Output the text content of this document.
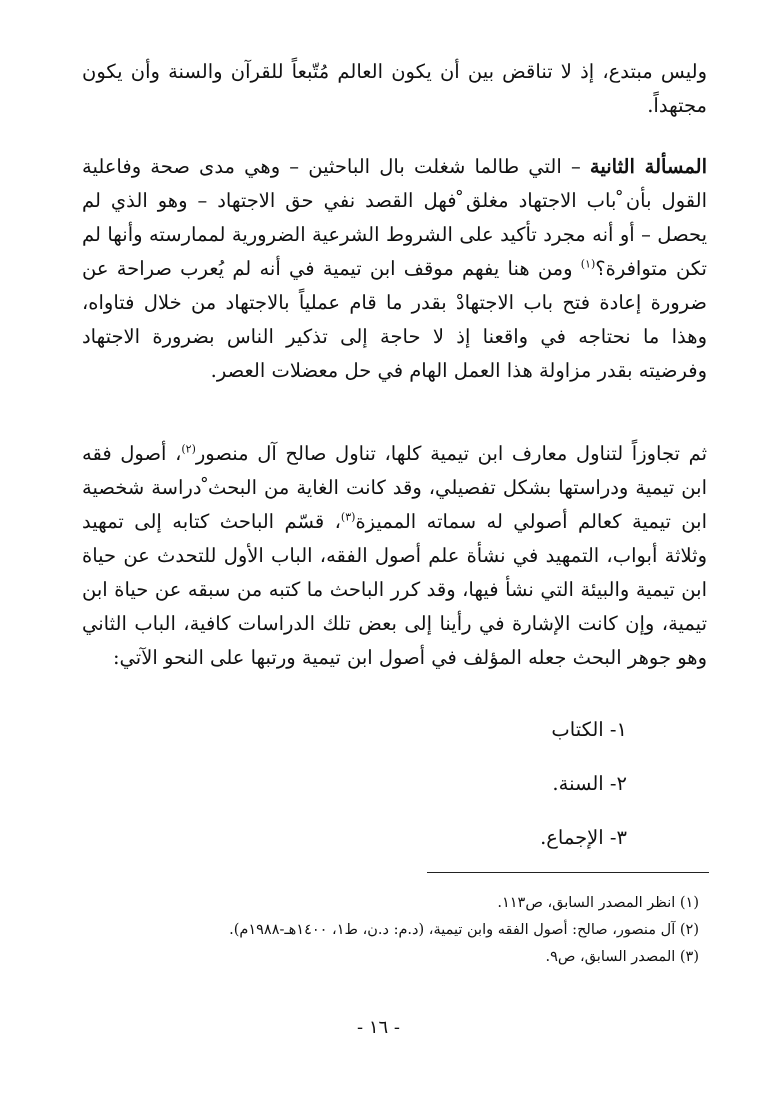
وليس مبتدع، إذ لا تناقض بين أن يكون العالم مُتّبعاً للقرآن والسنة وأن يكون مجتهداً.

المسألة الثانية – التي طالما شغلت بال الباحثين – وهي مدى صحة وفاعلية القول بأن ْباب الاجتهاد مغلق ْفهل القصد نفي حق الاجتهاد – وهو الذي لم يحصل – أو أنه مجرد تأكيد على الشروط الشرعية الضرورية لممارسته وأنها لم تكن متوافرة؟$^{(١)}$ ومن هنا يفهم موقف ابن تيمية في أنه لم يُعرب صراحة عن ضرورة إعادة فتح باب الاجتهادْ بقدر ما قام عملياً بالاجتهاد من خلال فتاواه، وهذا ما نحتاجه في واقعنا إذ لا حاجة إلى تذكير الناس بضرورة الاجتهاد وفرضيته بقدر مزاولة هذا العمل الهام في حل معضلات العصر.

ثم تجاوزاً لتناول معارف ابن تيمية كلها، تناول صالح آل منصور$^{(٢)}$، أصول فقه ابن تيمية ودراستها بشكل تفصيلي، وقد كانت الغاية من البحث ْدراسة شخصية ابن تيمية كعالم أصولي له سماته المميزة$^{(٣)}$، قسّم الباحث كتابه إلى تمهيد وثلاثة أبواب، التمهيد في نشأة علم أصول الفقه، الباب الأول للتحدث عن حياة ابن تيمية والبيئة التي نشأ فيها، وقد كرر الباحث ما كتبه من سبقه عن حياة ابن تيمية، وإن كانت الإشارة في رأينا إلى بعض تلك الدراسات كافية، الباب الثاني وهو جوهر البحث جعله المؤلف في أصول ابن تيمية ورتبها على النحو الآتي:

١- الكتاب
٢- السنة.
٣- الإجماع.
(١) انظر المصدر السابق، ص١١٣.
(٢) آل منصور، صالح: أصول الفقه وابن تيمية، (د.م: د.ن، ط١، ١٤٠٠هـ-١٩٨٨م).
(٣) المصدر السابق، ص٩.
- ١٦ -
